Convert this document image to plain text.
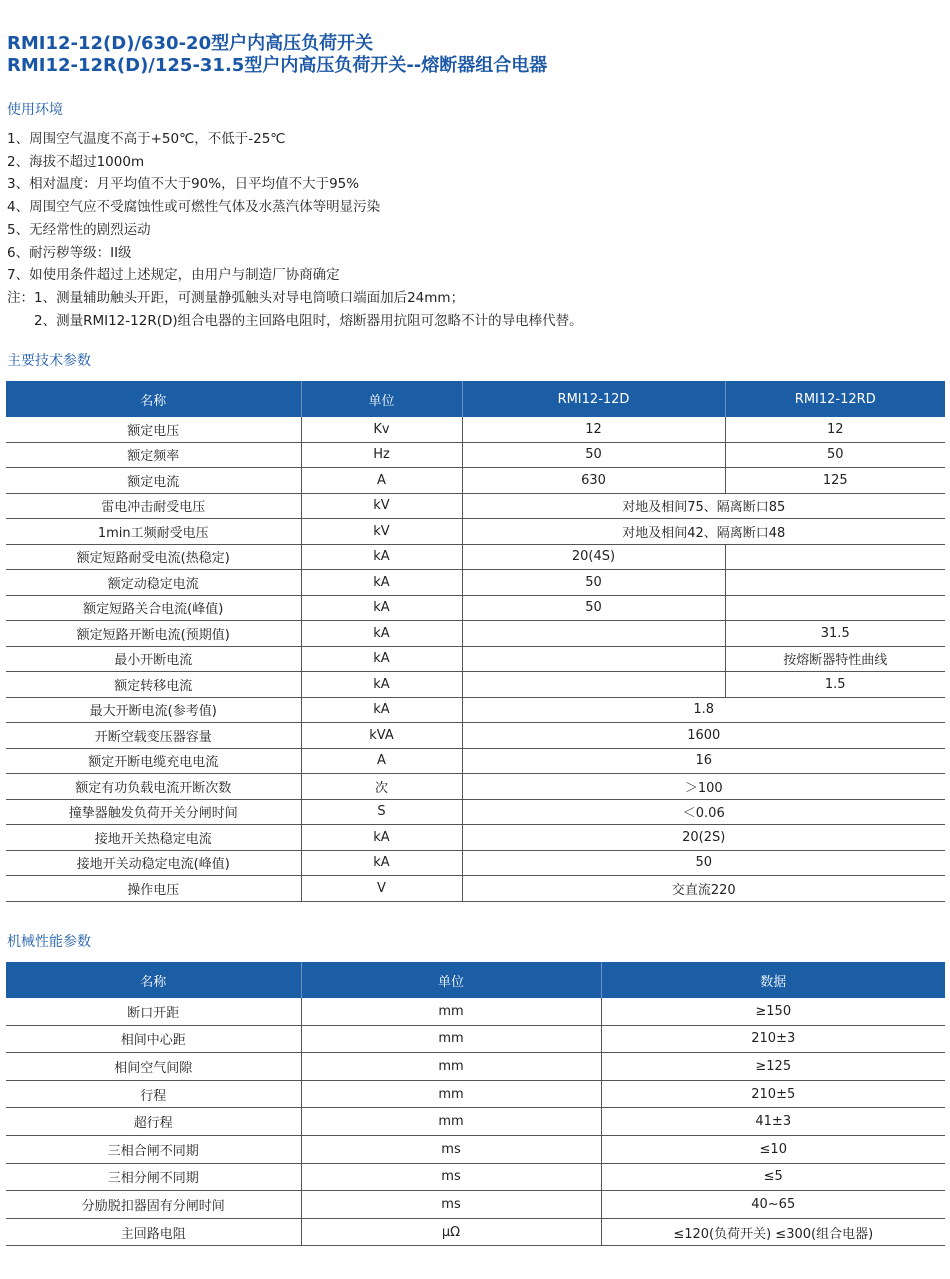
RMI12-12(D)/630-20型户内高压负荷开关
RMI12-12R(D)/125-31.5型户内高压负荷开关--熔断器组合电器
使用环境
1、周围空气温度不高于+50℃，不低于-25℃
2、海拔不超过1000m
3、相对温度：月平均值不大于90%，日平均值不大于95%
4、周围空气应不受腐蚀性或可燃性气体及水蒸汽体等明显污染
5、无经常性的剧烈运动
6、耐污秽等级：II级
7、如使用条件超过上述规定，由用户与制造厂协商确定
注：1、测量辅助触头开距，可测量静弧触头对导电筒喷口端面加后24mm；
2、测量RMI12-12R(D)组合电器的主回路电阻时，熔断器用抗阻可忽略不计的导电棒代替。
主要技术参数
名称	单位	RMI12-12D	RMI12-12RD
额定电压	Kv	12	12
额定频率	Hz	50	50
额定电流	A	630	125
雷电冲击耐受电压	kV	对地及相间75、隔离断口85	
1min工频耐受电压	kV	对地及相间42、隔离断口48	
额定短路耐受电流(热稳定)	kA	20(4S)	
额定动稳定电流	kA	50	
额定短路关合电流(峰值)	kA	50	
额定短路开断电流(预期值)	kA		31.5
最小开断电流	kA		按熔断器特性曲线
额定转移电流	kA		1.5
最大开断电流(参考值)	kA	1.8	
开断空载变压器容量	kVA	1600	
额定开断电缆充电电流	A	16	
额定有功负载电流开断次数	次	＞100	
撞挚器触发负荷开关分闸时间	S	＜0.06	
接地开关热稳定电流	kA	20(2S)	
接地开关动稳定电流(峰值)	kA	50	
操作电压	V	交直流220	
机械性能参数
名称	单位	数据
断口开距	mm	≥150
相间中心距	mm	210±3
相间空气间隙	mm	≥125
行程	mm	210±5
超行程	mm	41±3
三相合闸不同期	ms	≤10
三相分闸不同期	ms	≤5
分励脱扣器固有分闸时间	ms	40~65
主回路电阻	μΩ	≤120(负荷开关) ≤300(组合电器)
